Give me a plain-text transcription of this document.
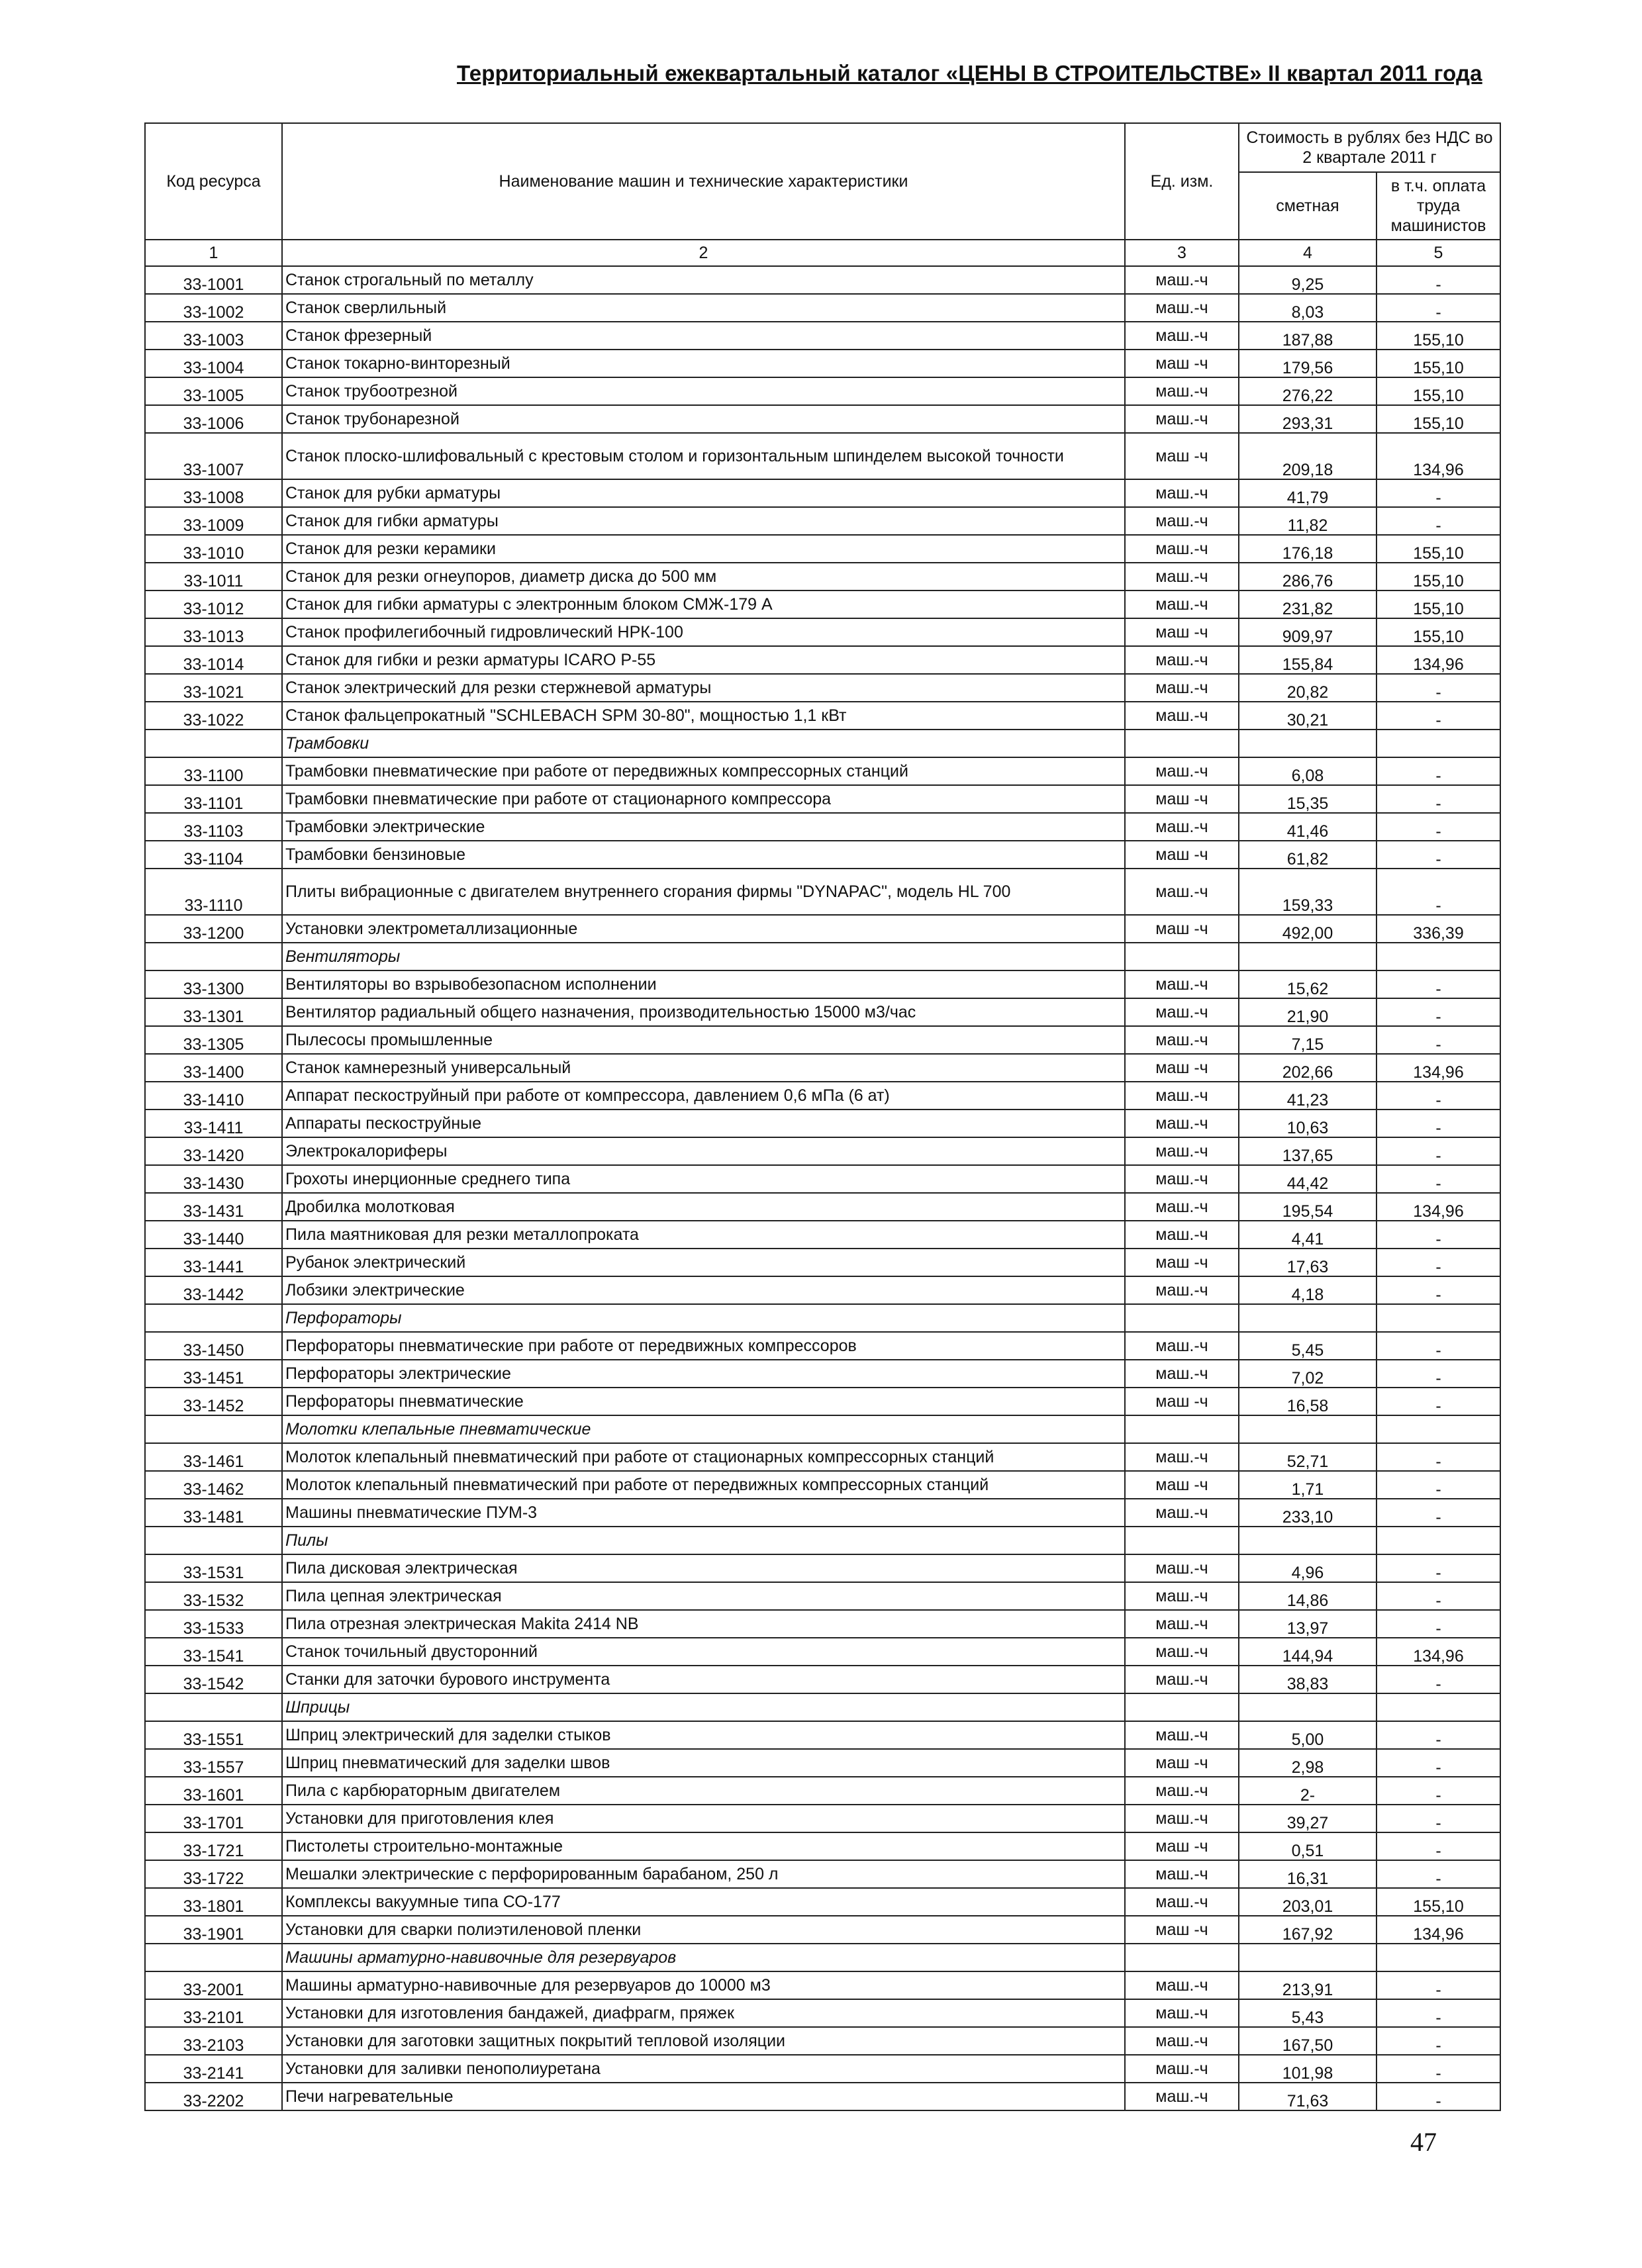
Территориальный ежеквартальный каталог «ЦЕНЫ В СТРОИТЕЛЬСТВЕ» II квартал 2011 года
Код ресурса	Наименование машин и технические характеристики	Ед. изм.	Стоимость в рублях без НДС во 2 квартале 2011 г	
			сметная	в т.ч. оплата труда машинистов
1	2	3	4	5
33-1001	Станок строгальный по металлу	маш.-ч	9,25	-
33-1002	Станок сверлильный	маш.-ч	8,03	-
33-1003	Станок фрезерный	маш.-ч	187,88	155,10
33-1004	Станок токарно-винторезный	маш -ч	179,56	155,10
33-1005	Станок трубоотрезной	маш.-ч	276,22	155,10
33-1006	Станок трубонарезной	маш.-ч	293,31	155,10
33-1007	Станок плоско-шлифовальный с крестовым столом и горизонтальным шпинделем высокой точности	маш -ч	209,18	134,96
33-1008	Станок для рубки арматуры	маш.-ч	41,79	-
33-1009	Станок для гибки арматуры	маш.-ч	11,82	-
33-1010	Станок для резки керамики	маш.-ч	176,18	155,10
33-1011	Станок для резки огнеупоров, диаметр диска до 500 мм	маш.-ч	286,76	155,10
33-1012	Станок для гибки арматуры с электронным блоком СМЖ-179 А	маш.-ч	231,82	155,10
33-1013	Станок профилегибочный гидровлический НРК-100	маш -ч	909,97	155,10
33-1014	Станок для гибки и резки арматуры ICARO P-55	маш.-ч	155,84	134,96
33-1021	Станок электрический для резки стержневой арматуры	маш.-ч	20,82	-
33-1022	Станок фальцепрокатный "SCHLEBACH SPM 30-80", мощностью 1,1 кВт	маш.-ч	30,21	-
	Трамбовки			
33-1100	Трамбовки пневматические при работе от передвижных компрессорных станций	маш.-ч	6,08	-
33-1101	Трамбовки пневматические при работе от стационарного компрессора	маш -ч	15,35	-
33-1103	Трамбовки электрические	маш.-ч	41,46	-
33-1104	Трамбовки бензиновые	маш -ч	61,82	-
33-1110	Плиты вибрационные с двигателем внутреннего сгорания фирмы "DYNAPAC", модель HL 700	маш.-ч	159,33	-
33-1200	Установки электрометаллизационные	маш -ч	492,00	336,39
	Вентиляторы			
33-1300	Вентиляторы во взрывобезопасном исполнении	маш.-ч	15,62	-
33-1301	Вентилятор радиальный общего назначения, производительностью 15000 м3/час	маш.-ч	21,90	-
33-1305	Пылесосы промышленные	маш.-ч	7,15	-
33-1400	Станок камнерезный универсальный	маш -ч	202,66	134,96
33-1410	Аппарат пескоструйный при работе от компрессора, давлением 0,6 мПа (6 ат)	маш.-ч	41,23	-
33-1411	Аппараты пескоструйные	маш.-ч	10,63	-
33-1420	Электрокалориферы	маш.-ч	137,65	-
33-1430	Грохоты инерционные среднего типа	маш.-ч	44,42	-
33-1431	Дробилка молотковая	маш.-ч	195,54	134,96
33-1440	Пила маятниковая для резки металлопроката	маш.-ч	4,41	-
33-1441	Рубанок электрический	маш -ч	17,63	-
33-1442	Лобзики электрические	маш.-ч	4,18	-
	Перфораторы			
33-1450	Перфораторы пневматические при работе от передвижных компрессоров	маш.-ч	5,45	-
33-1451	Перфораторы электрические	маш.-ч	7,02	-
33-1452	Перфораторы пневматические	маш -ч	16,58	-
	Молотки клепальные пневматические			
33-1461	Молоток клепальный пневматический при работе от стационарных компрессорных станций	маш.-ч	52,71	-
33-1462	Молоток клепальный пневматический при работе от передвижных компрессорных станций	маш -ч	1,71	-
33-1481	Машины пневматические ПУМ-3	маш.-ч	233,10	-
	Пилы			
33-1531	Пила дисковая электрическая	маш.-ч	4,96	-
33-1532	Пила цепная электрическая	маш.-ч	14,86	-
33-1533	Пила отрезная электрическая Makita 2414 NB	маш.-ч	13,97	-
33-1541	Станок точильный двусторонний	маш.-ч	144,94	134,96
33-1542	Станки для заточки бурового инструмента	маш.-ч	38,83	-
	Шприцы			
33-1551	Шприц электрический для заделки стыков	маш.-ч	5,00	-
33-1557	Шприц пневматический для заделки швов	маш -ч	2,98	-
33-1601	Пила с карбюраторным двигателем	маш.-ч	2-	-
33-1701	Установки для приготовления клея	маш.-ч	39,27	-
33-1721	Пистолеты строительно-монтажные	маш -ч	0,51	-
33-1722	Мешалки электрические с перфорированным барабаном, 250 л	маш.-ч	16,31	-
33-1801	Комплексы вакуумные типа СО-177	маш.-ч	203,01	155,10
33-1901	Установки для сварки полиэтиленовой пленки	маш -ч	167,92	134,96
	Машины арматурно-навивочные для резервуаров			
33-2001	Машины арматурно-навивочные для резервуаров до 10000 м3	маш.-ч	213,91	-
33-2101	Установки для изготовления бандажей, диафрагм, пряжек	маш.-ч	5,43	-
33-2103	Установки для заготовки защитных покрытий тепловой изоляции	маш.-ч	167,50	-
33-2141	Установки для заливки пенополиуретана	маш.-ч	101,98	-
33-2202	Печи нагревательные	маш.-ч	71,63	-
47
